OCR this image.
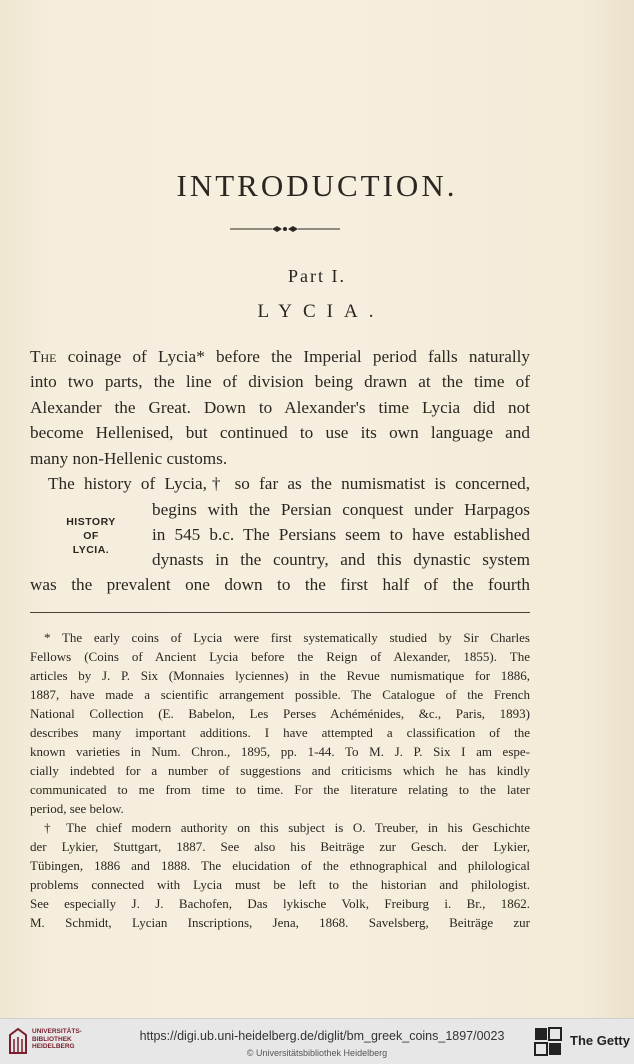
INTRODUCTION.
Part I.
LYCIA.
The coinage of Lycia* before the Imperial period falls naturally
into two parts, the line of division being drawn at the time of
Alexander the Great. Down to Alexander's time Lycia did not
become Hellenised, but continued to use its own language and
many non-Hellenic customs.
The history of Lycia,† so far as the numismatist is concerned,
begins with the Persian conquest under Harpagos
in 545 b.c. The Persians seem to have established
dynasts in the country, and this dynastic system
was the prevalent one down to the first half of the fourth
HISTORY
OF
LYCIA.
* The early coins of Lycia were first systematically studied by Sir Charles
Fellows (Coins of Ancient Lycia before the Reign of Alexander, 1855). The
articles by J. P. Six (Monnaies lyciennes) in the Revue numismatique for 1886,
1887, have made a scientific arrangement possible. The Catalogue of the French
National Collection (E. Babelon, Les Perses Achéménides, &c., Paris, 1893)
describes many important additions. I have attempted a classification of the
known varieties in Num. Chron., 1895, pp. 1-44. To M. J. P. Six I am espe-
cially indebted for a number of suggestions and criticisms which he has kindly
communicated to me from time to time. For the literature relating to the later
period, see below.
† The chief modern authority on this subject is O. Treuber, in his Geschichte
der Lykier, Stuttgart, 1887. See also his Beiträge zur Gesch. der Lykier,
Tübingen, 1886 and 1888. The elucidation of the ethnographical and philological
problems connected with Lycia must be left to the historian and philologist.
See especially J. J. Bachofen, Das lykische Volk, Freiburg i. Br., 1862.
M. Schmidt, Lycian Inscriptions, Jena, 1868. Savelsberg, Beiträge zur
UNIVERSITÄTS-
BIBLIOTHEK
HEIDELBERG
https://digi.ub.uni-heidelberg.de/diglit/bm_greek_coins_1897/0023
© Universitätsbibliothek Heidelberg
The Getty
